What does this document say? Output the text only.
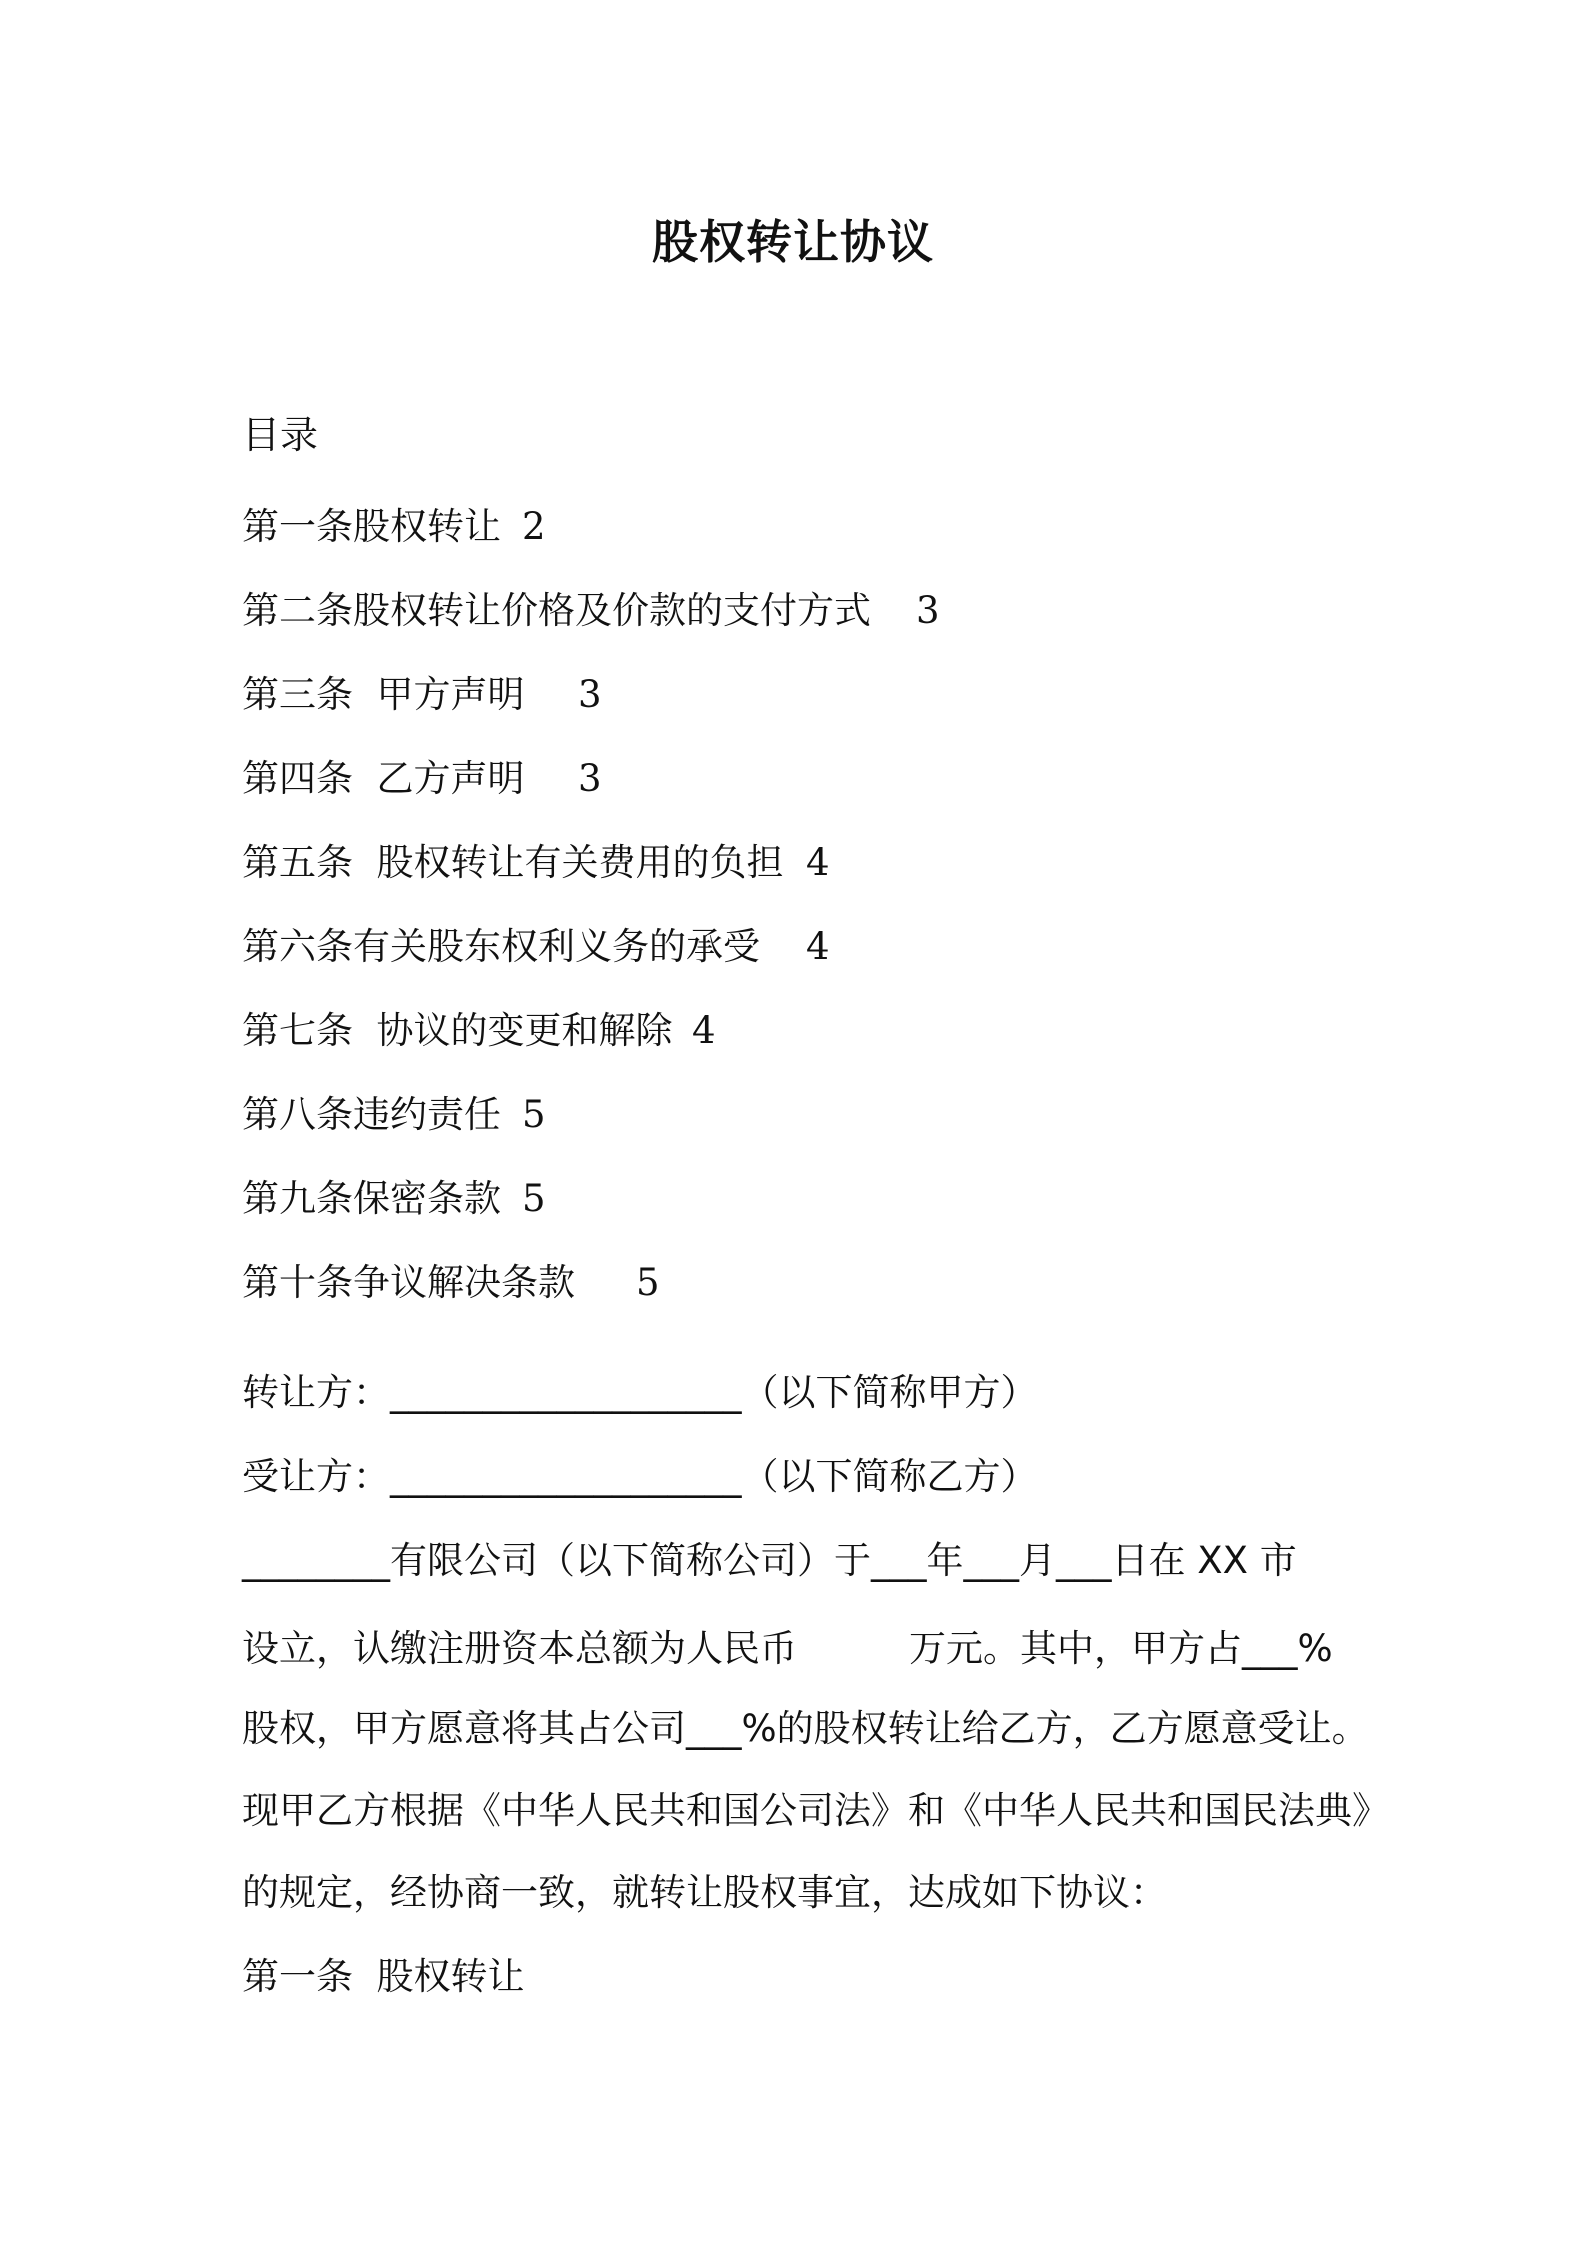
股权转让协议
目录
第一条股权转让 2
第二条股权转让价格及价款的支付方式 3
第三条  甲方声明 3
第四条  乙方声明 3
第五条  股权转让有关费用的负担 4
第六条有关股东权利义务的承受 4
第七条  协议的变更和解除 4
第八条违约责任 5
第九条保密条款 5
第十条争议解决条款 5
转让方：___________________（以下简称甲方）
受让方：___________________（以下简称乙方）
________有限公司（以下简称公司）于___年___月___日在 XX 市
设立，认缴注册资本总额为人民币	万元。其中，甲方占___%
股权，甲方愿意将其占公司___%的股权转让给乙方，乙方愿意受让。
现甲乙方根据《中华人民共和国公司法》和《中华人民共和国民法典》
的规定，经协商一致，就转让股权事宜，达成如下协议：
第一条  股权转让
